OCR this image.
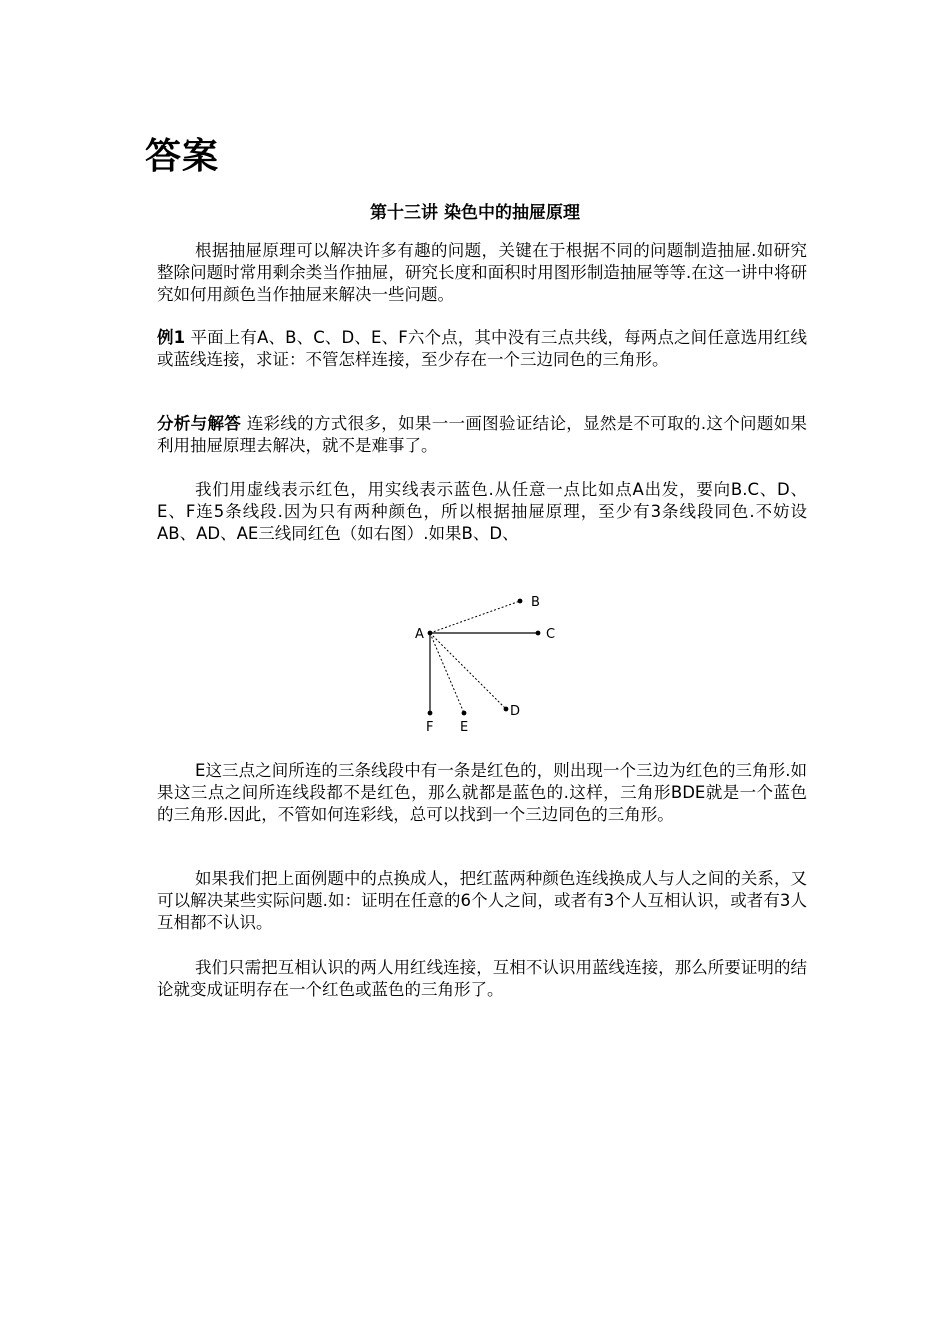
答案
第十三讲 染色中的抽屉原理

根据抽屉原理可以解决许多有趣的问题，关键在于根据不同的问题制造抽屉.如研究整除问题时常用剩余类当作抽屉，研究长度和面积时用图形制造抽屉等等.在这一讲中将研究如何用颜色当作抽屉来解决一些问题。

例1 平面上有A、B、C、D、E、F六个点，其中没有三点共线，每两点之间任意选用红线或蓝线连接，求证：不管怎样连接，至少存在一个三边同色的三角形。

分析与解答 连彩线的方式很多，如果一一画图验证结论，显然是不可取的.这个问题如果利用抽屉原理去解决，就不是难事了。

我们用虚线表示红色，用实线表示蓝色.从任意一点比如点A出发，要向B.C、D、E、F连5条线段.因为只有两种颜色，所以根据抽屉原理，至少有3条线段同色.不妨设AB、AD、AE三线同红色（如右图）.如果B、D、

A
B
C
D
E
F

E这三点之间所连的三条线段中有一条是红色的，则出现一个三边为红色的三角形.如果这三点之间所连线段都不是红色，那么就都是蓝色的.这样，三角形BDE就是一个蓝色的三角形.因此，不管如何连彩线，总可以找到一个三边同色的三角形。

如果我们把上面例题中的点换成人，把红蓝两种颜色连线换成人与人之间的关系，又可以解决某些实际问题.如：证明在任意的6个人之间，或者有3个人互相认识，或者有3人互相都不认识。

我们只需把互相认识的两人用红线连接，互相不认识用蓝线连接，那么所要证明的结论就变成证明存在一个红色或蓝色的三角形了。
